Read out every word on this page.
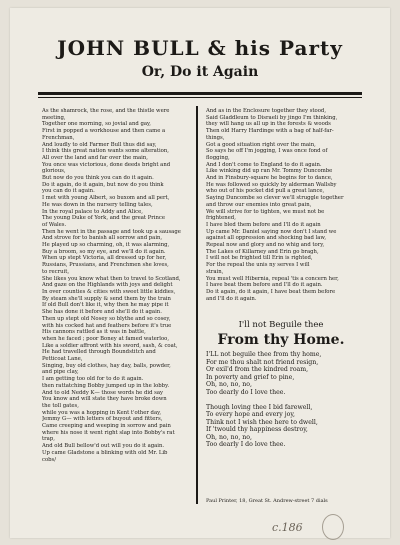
JOHN BULL & his Party
Or, Do it Again

As the shamrock, the rose, and the thistle were

meeting,

Together one morning, so jovial and gay,

First in popped a workhouse and then came a

Frenchman,

And loudly to old Farmer Bull thus did say,

I think this great nation wants some alteration,

All over the land and far over the main,

You once was victorious, done deeds bright and

glorious,

But now do you think you can do it again.

Do it again, do it again, but now do you think

you can do it again.

I met with young Albert, so buxom and all pert,

He was down in the nursery telling tales,

In the royal palace to Addy and Alice,

The young Duke of York, and the great Prince

of Wales.

Then he went in the passage and took up a sausage

And strove for to banish all sorrow and pain,

He played up so charming, oh, it was alarming,

Buy a broom, so my eye, and we'll do it again.

When up stept Victoria, all dressed up for her,

Russians, Prussians, and Frenchmen she loves,

to recruit,

She likes you know what then to travel to Scotland,

And gaze on the Highlands with joys and delight

In over counties & cities with sweet little kiddies,

By steam she'll supply & send them by the train

If old Bull don't like it, why then he may pipe it

She has done it before and she'll do it again.

Then up stept old Nosey so blythe and so cosey,

with his cocked hat and feathers before it's true

His cannons rattled as it was in battle,

when he faced ; poor Boney at famed waterloo,

Like a soldier affront with his sword, sash, & coat,

He had travelled through Boundstitch and

Petticoat Lane,

Singing, buy old clothes, hay day, balls, powder,

and pipe clay,

I am getting too old for to do it again.

then rattatching Bobby jumped up in the lobby.

And to old Neddy K— those words he did say

You know and will state they have broke down

the toll gates,

while you was a hopping in Kent t'other day,

Jemmy G— with letters of buyout and fitters,

Came creeping and weeping in sorrow and pain

where his nose it went right slap into Bobby's rat

trap,

And old Bull bellow'd out will you do it again.

Up came Gladstone a blinking with old Mr. Lib

cobs/

And as in the Enclosure together they stood,

Said Gladdleum to Disraeli by jingo I'm thinking,

they will hang us all up in the forests & woods

Then old Harry Hardinge with a bag of half-far-

things,

Got a good situation right over the main,

So says he off I'm jogging, I was once fond of

flogging,

And I don't come to England to do it again.

Like winking did up ran Mr. Tommy Duncombe

And in Finsbury-square he begins for to dance,

He was followed so quickly by alderman Wallsby

who out of his pocket did pull a great lance,

Saying Duncombe so clever we'll struggle together

and throw our enemies into great pain,

We will strive for to tighten, we must not be

frightened,

I have bled them before and I'll do it again

Up came Mr. Daniel saying now don't I stand we

against all oppression and shocking bad law,

Repeal now and glory and no whig and tory,

The Lakes of Killarney and Erin go bragh,

I will not be frighted till Erin is righted,

For the repeal the unis ny serves I will

strain,

You must well Hibernia, repeal 'tis a concern her,

I have beat them before and I'll do it again.

Do it again, do it again, I have beat them before

and I'll do it again.

I'll not Beguile thee

From thy Home.

I'LL not beguile thee from thy home,

For me thou shalt not friend resign,

Or exil'd from the kindred roam,

In poverty and grief to pine,

Oh, no, no, no,

Too dearly do I love thee.

Though loving thee I bid farewell,

To every hope and every joy,

Think not I wish thee here to dwell,

If 'twould thy happiness destroy,

Oh, no, no, no,

Too dearly I do love thee.

Paul Printer, 18, Great St. Andrew-street 7 dials

c.186
